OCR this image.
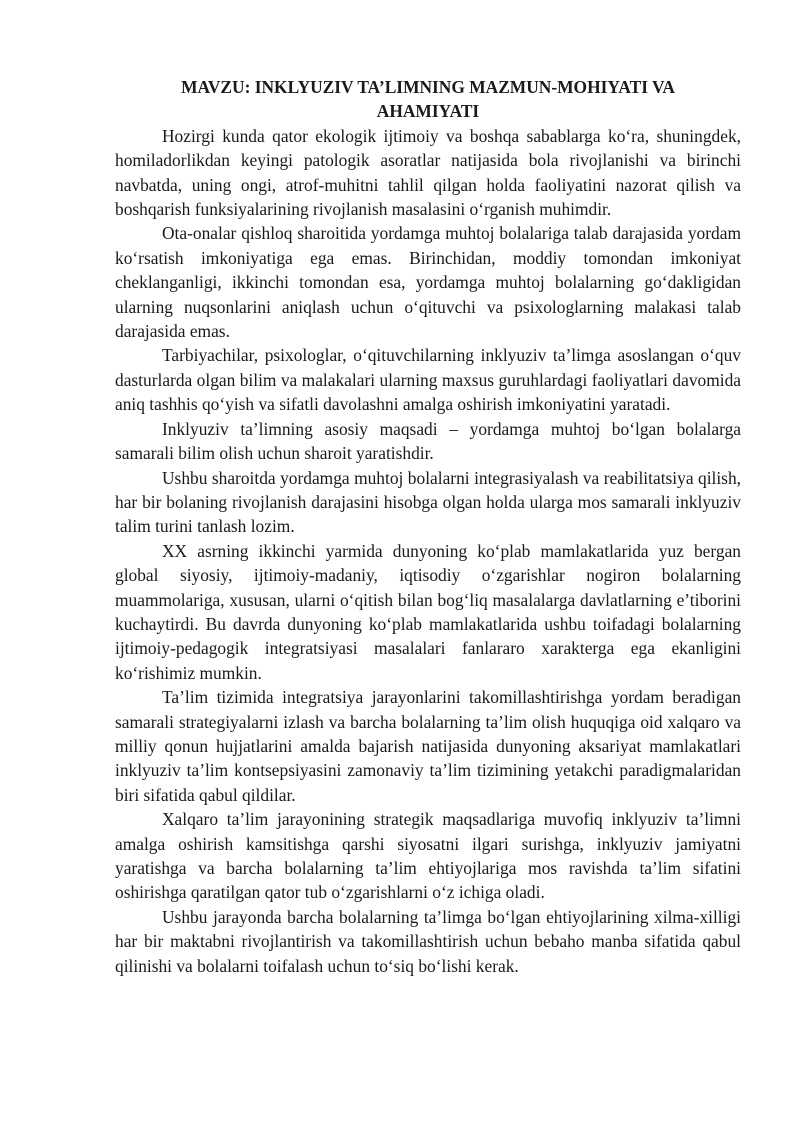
MAVZU: INKLYUZIV TA’LIMNING MAZMUN-MOHIYATI VA AHAMIYATI

Hozirgi kunda qator ekologik ijtimoiy va boshqa sabablarga ko‘ra, shuningdek, homiladorlikdan keyingi patologik asoratlar natijasida bola rivojlanishi va birinchi navbatda, uning ongi, atrof-muhitni tahlil qilgan holda faoliyatini nazorat qilish va boshqarish funksiyalarining rivojlanish masalasini o‘rganish muhimdir.

Ota-onalar qishloq sharoitida yordamga muhtoj bolalariga talab darajasida yordam ko‘rsatish imkoniyatiga ega emas. Birinchidan, moddiy tomondan imkoniyat cheklanganligi, ikkinchi tomondan esa, yordamga muhtoj bolalarning go‘dakligidan ularning nuqsonlarini aniqlash uchun o‘qituvchi va psixologlarning malakasi talab darajasida emas.

Tarbiyachilar, psixologlar, o‘qituvchilarning inklyuziv ta’limga asoslangan o‘quv dasturlarda olgan bilim va malakalari ularning maxsus guruhlardagi faoliyatlari davomida aniq tashhis qo‘yish va sifatli davolashni amalga oshirish imkoniyatini yaratadi.

Inklyuziv ta’limning asosiy maqsadi – yordamga muhtoj bo‘lgan bolalarga samarali bilim olish uchun sharoit yaratishdir.

Ushbu sharoitda yordamga muhtoj bolalarni integrasiyalash va reabilitatsiya qilish, har bir bolaning rivojlanish darajasini hisobga olgan holda ularga mos samarali inklyuziv talim turini tanlash lozim.

XX asrning ikkinchi yarmida dunyoning ko‘plab mamlakatlarida yuz bergan global siyosiy, ijtimoiy-madaniy, iqtisodiy o‘zgarishlar nogiron bolalarning muammolariga, xususan, ularni o‘qitish bilan bog‘liq masalalarga davlatlarning e’tiborini kuchaytirdi. Bu davrda dunyoning ko‘plab mamlakatlarida ushbu toifadagi bolalarning ijtimoiy-pedagogik integratsiyasi masalalari fanlararo xarakterga ega ekanligini ko‘rishimiz mumkin.

Ta’lim tizimida integratsiya jarayonlarini takomillashtirishga yordam beradigan samarali strategiyalarni izlash va barcha bolalarning ta’lim olish huquqiga oid xalqaro va milliy qonun hujjatlarini amalda bajarish natijasida dunyoning aksariyat mamlakatlari inklyuziv ta’lim kontsepsiyasini zamonaviy ta’lim tizimining yetakchi paradigmalaridan biri sifatida qabul qildilar.

Xalqaro ta’lim jarayonining strategik maqsadlariga muvofiq inklyuziv ta’limni amalga oshirish kamsitishga qarshi siyosatni ilgari surishga, inklyuziv jamiyatni yaratishga va barcha bolalarning ta’lim ehtiyojlariga mos ravishda ta’lim sifatini oshirishga qaratilgan qator tub o‘zgarishlarni o‘z ichiga oladi.

Ushbu jarayonda barcha bolalarning ta’limga bo‘lgan ehtiyojlarining xilma-xilligi har bir maktabni rivojlantirish va takomillashtirish uchun bebaho manba sifatida qabul qilinishi va bolalarni toifalash uchun to‘siq bo‘lishi kerak.
